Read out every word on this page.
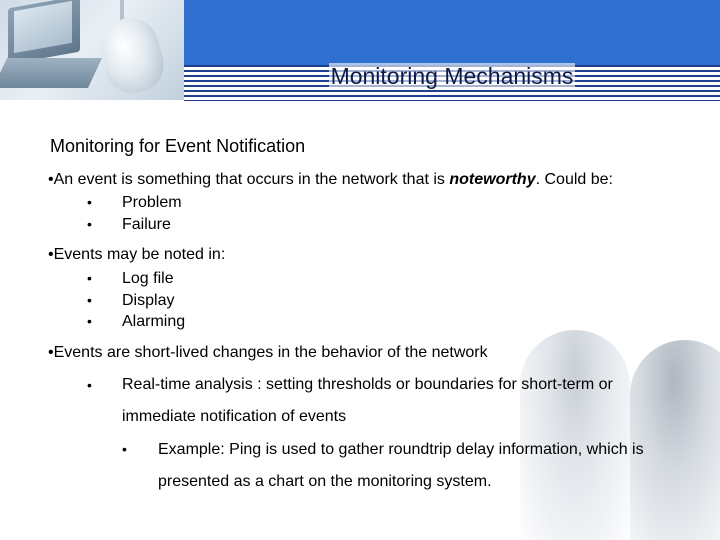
Monitoring Mechanisms
Monitoring for Event Notification
•An event is something that occurs in the network that is noteworthy. Could be:
• Problem
• Failure
•Events may be noted in:
• Log file
• Display
• Alarming
•Events are short-lived changes in the behavior of the network
• Real-time analysis : setting thresholds or boundaries for short-term or
immediate notification of events
• Example: Ping is used to gather roundtrip delay information, which is
presented as a chart on the monitoring system.
